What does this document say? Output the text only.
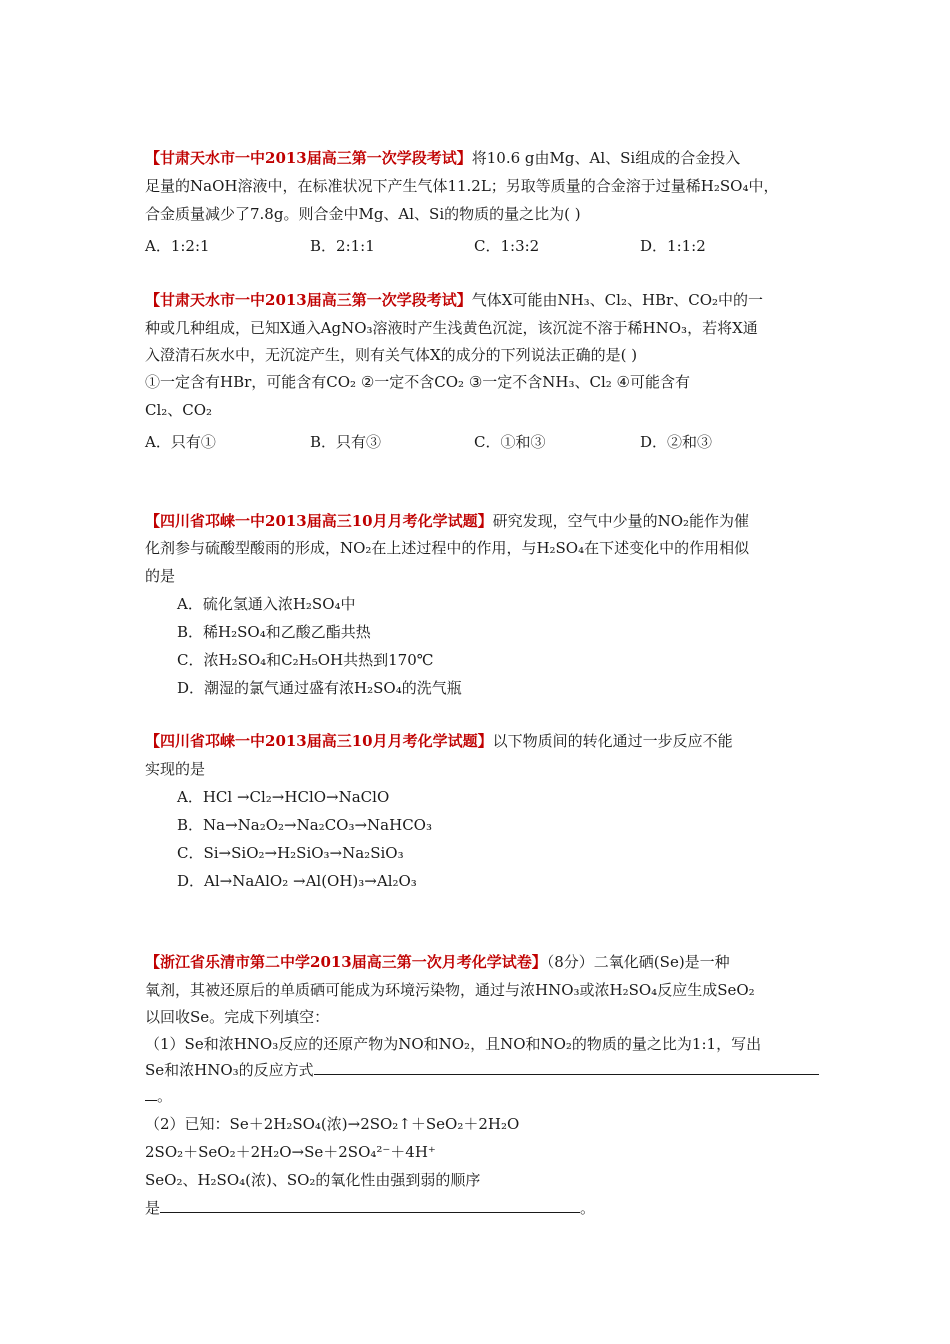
【甘肃天水市一中2013届高三第一次学段考试】将10.6 g由Mg、Al、Si组成的合金投入
足量的NaOH溶液中，在标准状况下产生气体11.2L；另取等质量的合金溶于过量稀H₂SO₄中，
合金质量减少了7.8g。则合金中Mg、Al、Si的物质的量之比为( )
A．1:2:1	B．2:1:1	C．1:3:2	D．1:1:2
【甘肃天水市一中2013届高三第一次学段考试】气体X可能由NH₃、Cl₂、HBr、CO₂中的一
种或几种组成，已知X通入AgNO₃溶液时产生浅黄色沉淀，该沉淀不溶于稀HNO₃，若将X通
入澄清石灰水中，无沉淀产生，则有关气体X的成分的下列说法正确的是( )
①一定含有HBr，可能含有CO₂ ②一定不含CO₂ ③一定不含NH₃、Cl₂ ④可能含有
Cl₂、CO₂
A．只有①	B．只有③	C．①和③	D．②和③
【四川省邛崃一中2013届高三10月月考化学试题】研究发现，空气中少量的NO₂能作为催
化剂参与硫酸型酸雨的形成，NO₂在上述过程中的作用，与H₂SO₄在下述变化中的作用相似
的是
A．硫化氢通入浓H₂SO₄中
B．稀H₂SO₄和乙酸乙酯共热
C．浓H₂SO₄和C₂H₅OH共热到170℃
D．潮湿的氯气通过盛有浓H₂SO₄的洗气瓶
【四川省邛崃一中2013届高三10月月考化学试题】以下物质间的转化通过一步反应不能
实现的是
A．HCl →Cl₂→HClO→NaClO
B．Na→Na₂O₂→Na₂CO₃→NaHCO₃
C．Si→SiO₂→H₂SiO₃→Na₂SiO₃
D．Al→NaAlO₂ →Al(OH)₃→Al₂O₃
【浙江省乐清市第二中学2013届高三第一次月考化学试卷】（8分）二氧化硒(Se)是一种
氧剂，其被还原后的单质硒可能成为环境污染物，通过与浓HNO₃或浓H₂SO₄反应生成SeO₂
以回收Se。完成下列填空：
（1）Se和浓HNO₃反应的还原产物为NO和NO₂，且NO和NO₂的物质的量之比为1:1，写出
Se和浓HNO₃的反应方式
。
（2）已知：Se＋2H₂SO₄(浓)→2SO₂↑＋SeO₂＋2H₂O
2SO₂＋SeO₂＋2H₂O→Se＋2SO₄²⁻＋4H⁺
SeO₂、H₂SO₄(浓)、SO₂的氧化性由强到弱的顺序
是	。
